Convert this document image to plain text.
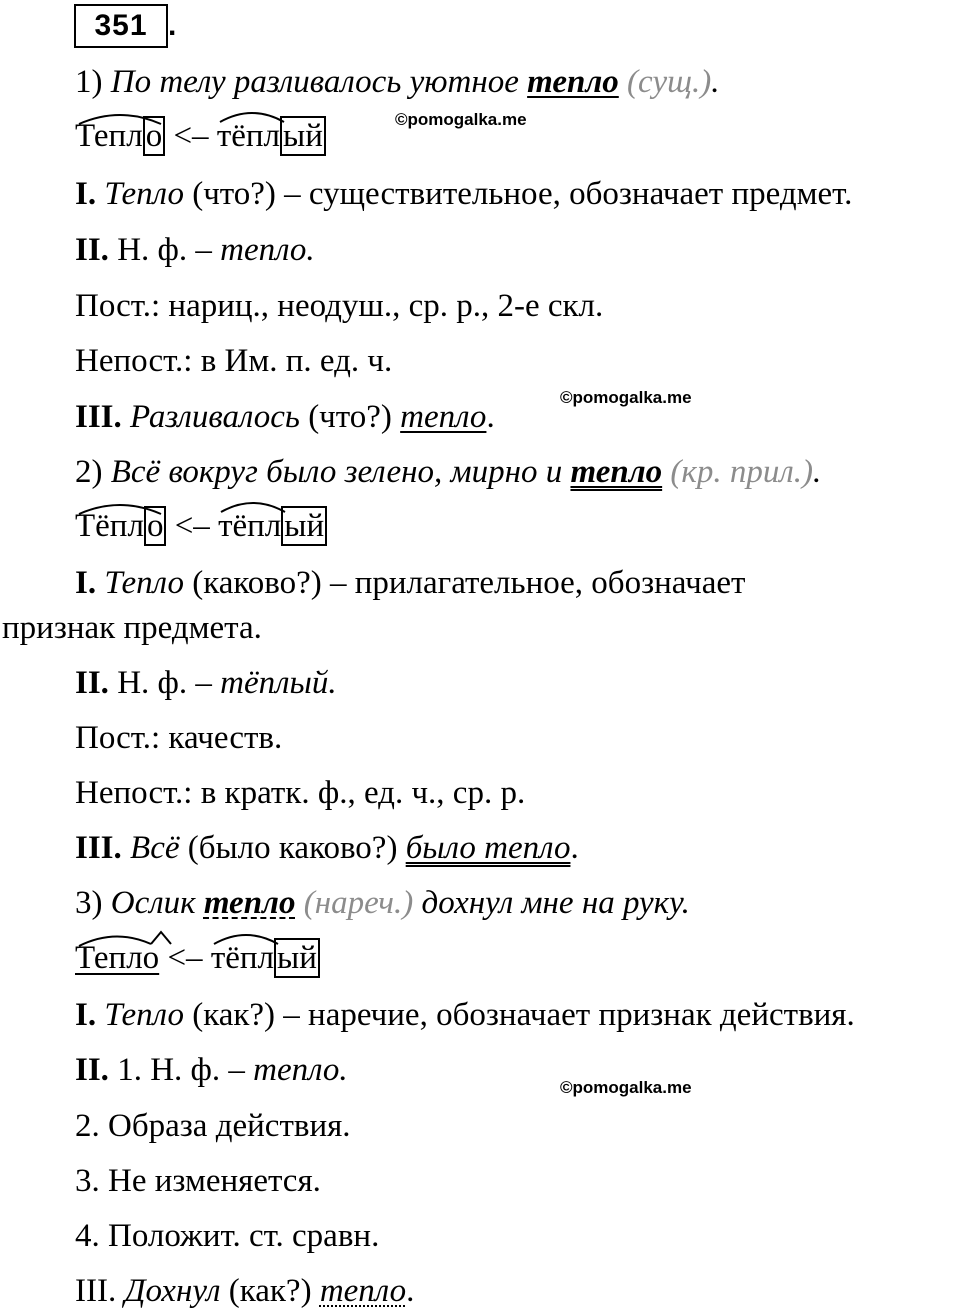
351 .
©pomogalka.me
©pomogalka.me
©pomogalka.me
1) По телу разливалось уютное тепло (сущ.).
Тепло <– тёплый
I. Тепло (что?) – существительное, обозначает предмет.
II. Н. ф. – тепло.
Пост.: нариц., неодуш., ср. р., 2-е скл.
Непост.: в Им. п. ед. ч.
III. Разливалось (что?) тепло.
2) Всё вокруг было зелено, мирно и тепло (кр. прил.).
Тёпло <– тёплый
I. Тепло (каково?) – прилагательное, обозначает
признак предмета.
II. Н. ф. – тёплый.
Пост.: качеств.
Непост.: в кратк. ф., ед. ч., ср. р.
III. Всё (было каково?) было тепло.
3) Ослик тепло (нареч.) дохнул мне на руку.
Тепло <– тёплый
I. Тепло (как?) – наречие, обозначает признак действия.
II. 1. Н. ф. – тепло.
2. Образа действия.
3. Не изменяется.
4. Положит. ст. сравн.
III. Дохнул (как?) тепло.
